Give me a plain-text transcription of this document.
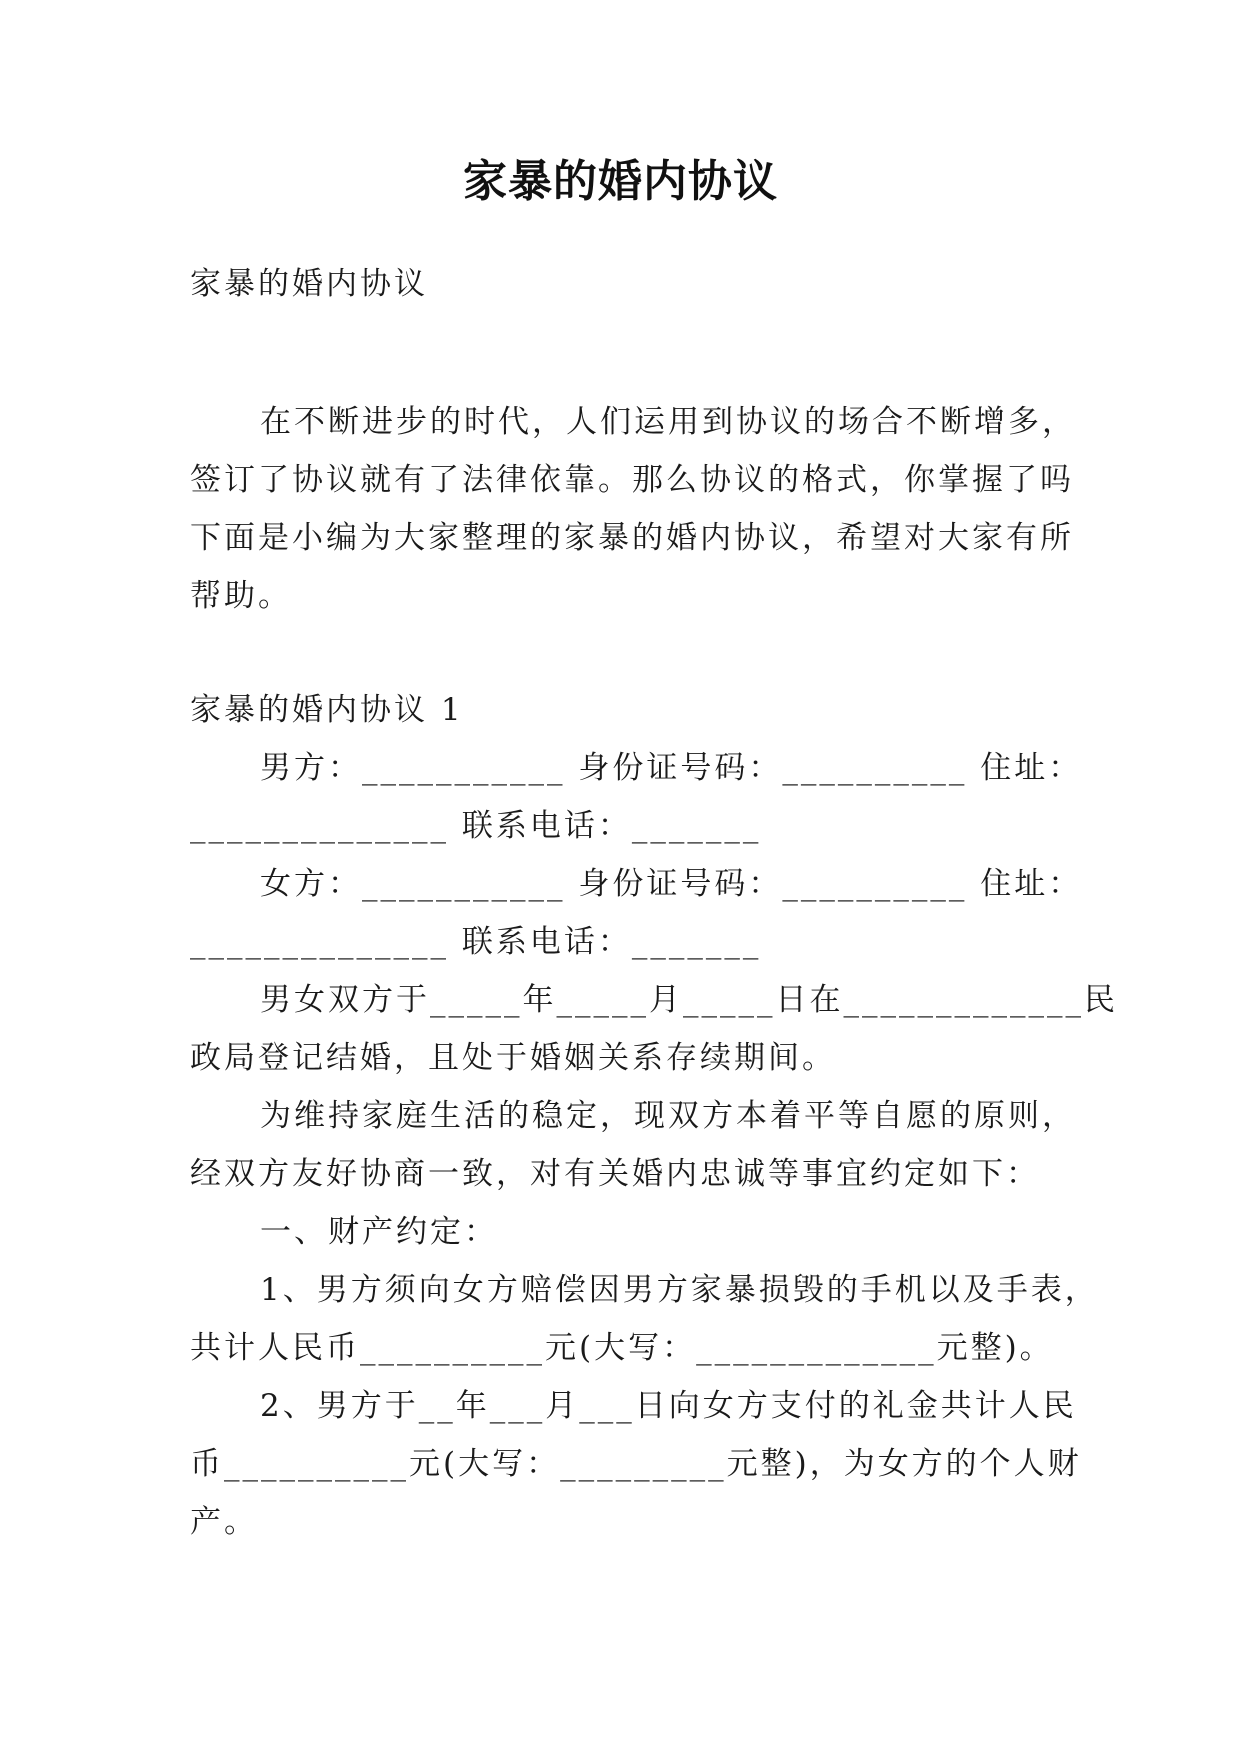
家暴的婚内协议
家暴的婚内协议
在不断进步的时代，人们运用到协议的场合不断增多，
签订了协议就有了法律依靠。那么协议的格式，你掌握了吗
下面是小编为大家整理的家暴的婚内协议，希望对大家有所
帮助。
家暴的婚内协议 1
男方：___________ 身份证号码：__________ 住址：
______________ 联系电话：_______
女方：___________ 身份证号码：__________ 住址：
______________ 联系电话：_______
男女双方于_____年_____月_____日在_____________民
政局登记结婚，且处于婚姻关系存续期间。
为维持家庭生活的稳定，现双方本着平等自愿的原则，
经双方友好协商一致，对有关婚内忠诚等事宜约定如下：
一、财产约定：
1、男方须向女方赔偿因男方家暴损毁的手机以及手表，
共计人民币__________元(大写：_____________元整)。
2、男方于__年___月___日向女方支付的礼金共计人民
币__________元(大写：_________元整)，为女方的个人财
产。
